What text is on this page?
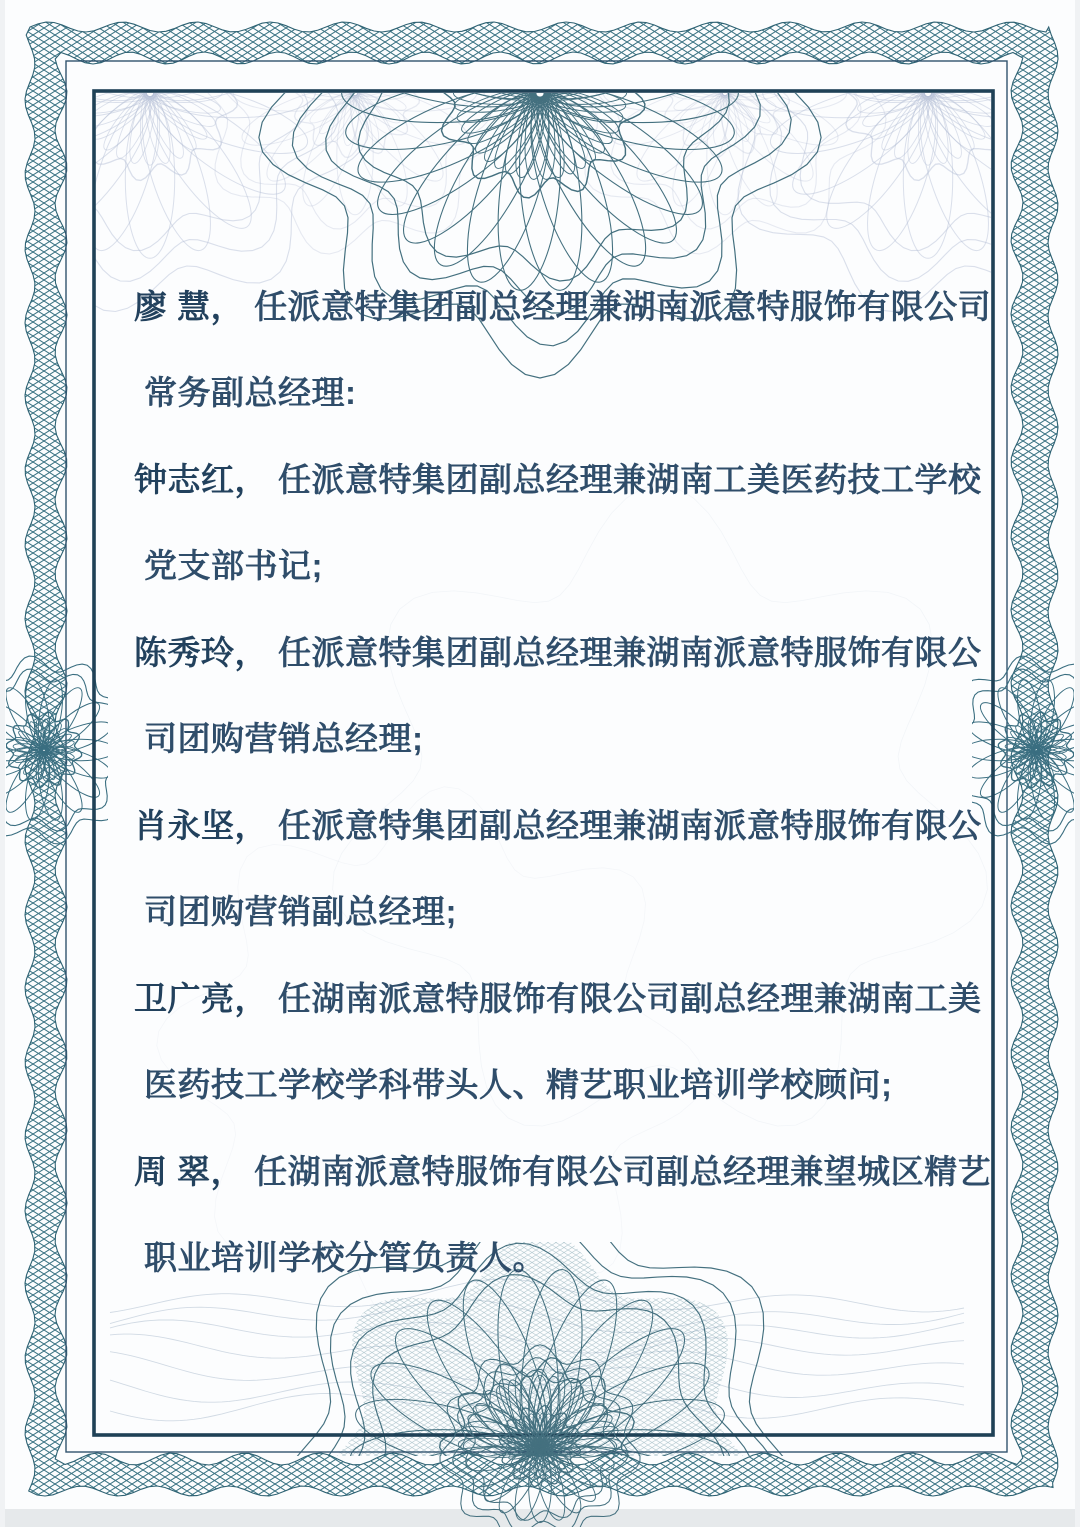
廖 慧， 任派意特集团副总经理兼湖南派意特服饰有限公司
常务副总经理:
钟志红， 任派意特集团副总经理兼湖南工美医药技工学校
党支部书记;
陈秀玲， 任派意特集团副总经理兼湖南派意特服饰有限公
司团购营销总经理;
肖永坚， 任派意特集团副总经理兼湖南派意特服饰有限公
司团购营销副总经理;
卫广亮， 任湖南派意特服饰有限公司副总经理兼湖南工美
医药技工学校学科带头人、精艺职业培训学校顾问;
周 翠， 任湖南派意特服饰有限公司副总经理兼望城区精艺
职业培训学校分管负责人。
